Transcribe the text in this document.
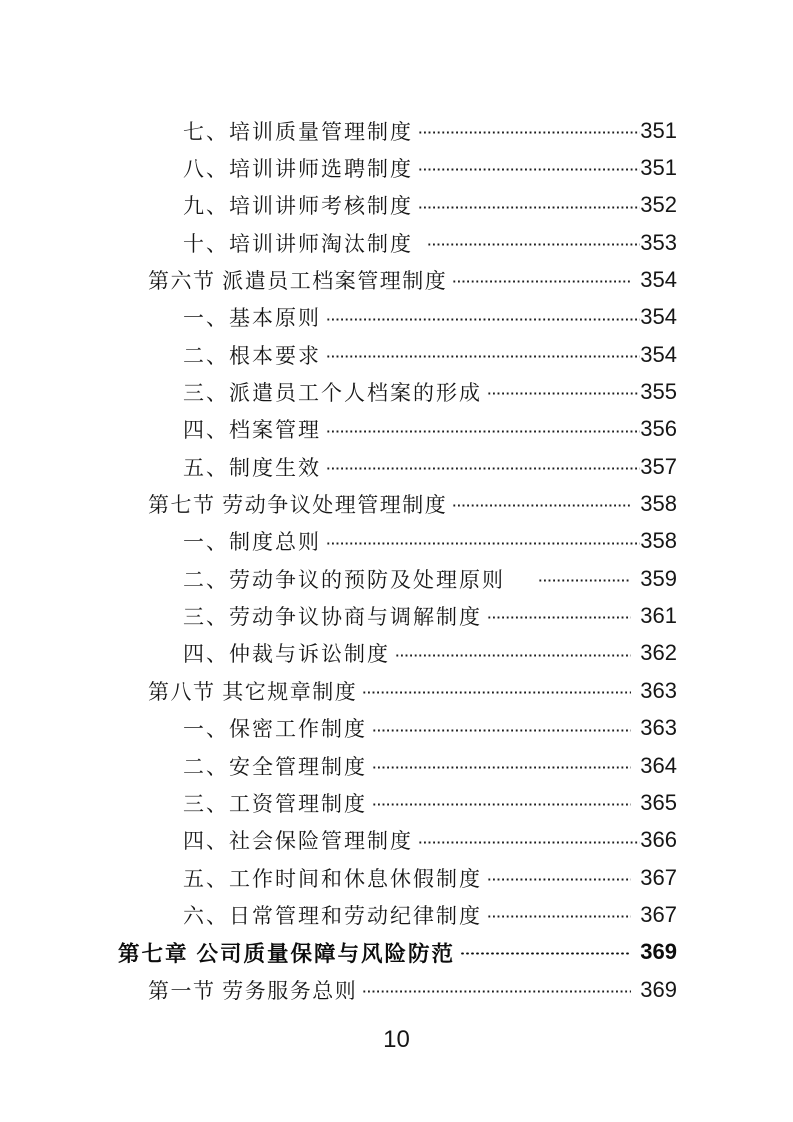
七、培训质量管理制度	351
八、培训讲师选聘制度	351
九、培训讲师考核制度	352
十、培训讲师淘汰制度	353
第六节 派遣员工档案管理制度	354
一、基本原则	354
二、根本要求	354
三、派遣员工个人档案的形成	355
四、档案管理	356
五、制度生效	357
第七节 劳动争议处理管理制度	358
一、制度总则	358
二、劳动争议的预防及处理原则	359
三、劳动争议协商与调解制度	361
四、仲裁与诉讼制度	362
第八节 其它规章制度	363
一、保密工作制度	363
二、安全管理制度	364
三、工资管理制度	365
四、社会保险管理制度	366
五、工作时间和休息休假制度	367
六、日常管理和劳动纪律制度	367
第七章 公司质量保障与风险防范	369
第一节 劳务服务总则	369
10
